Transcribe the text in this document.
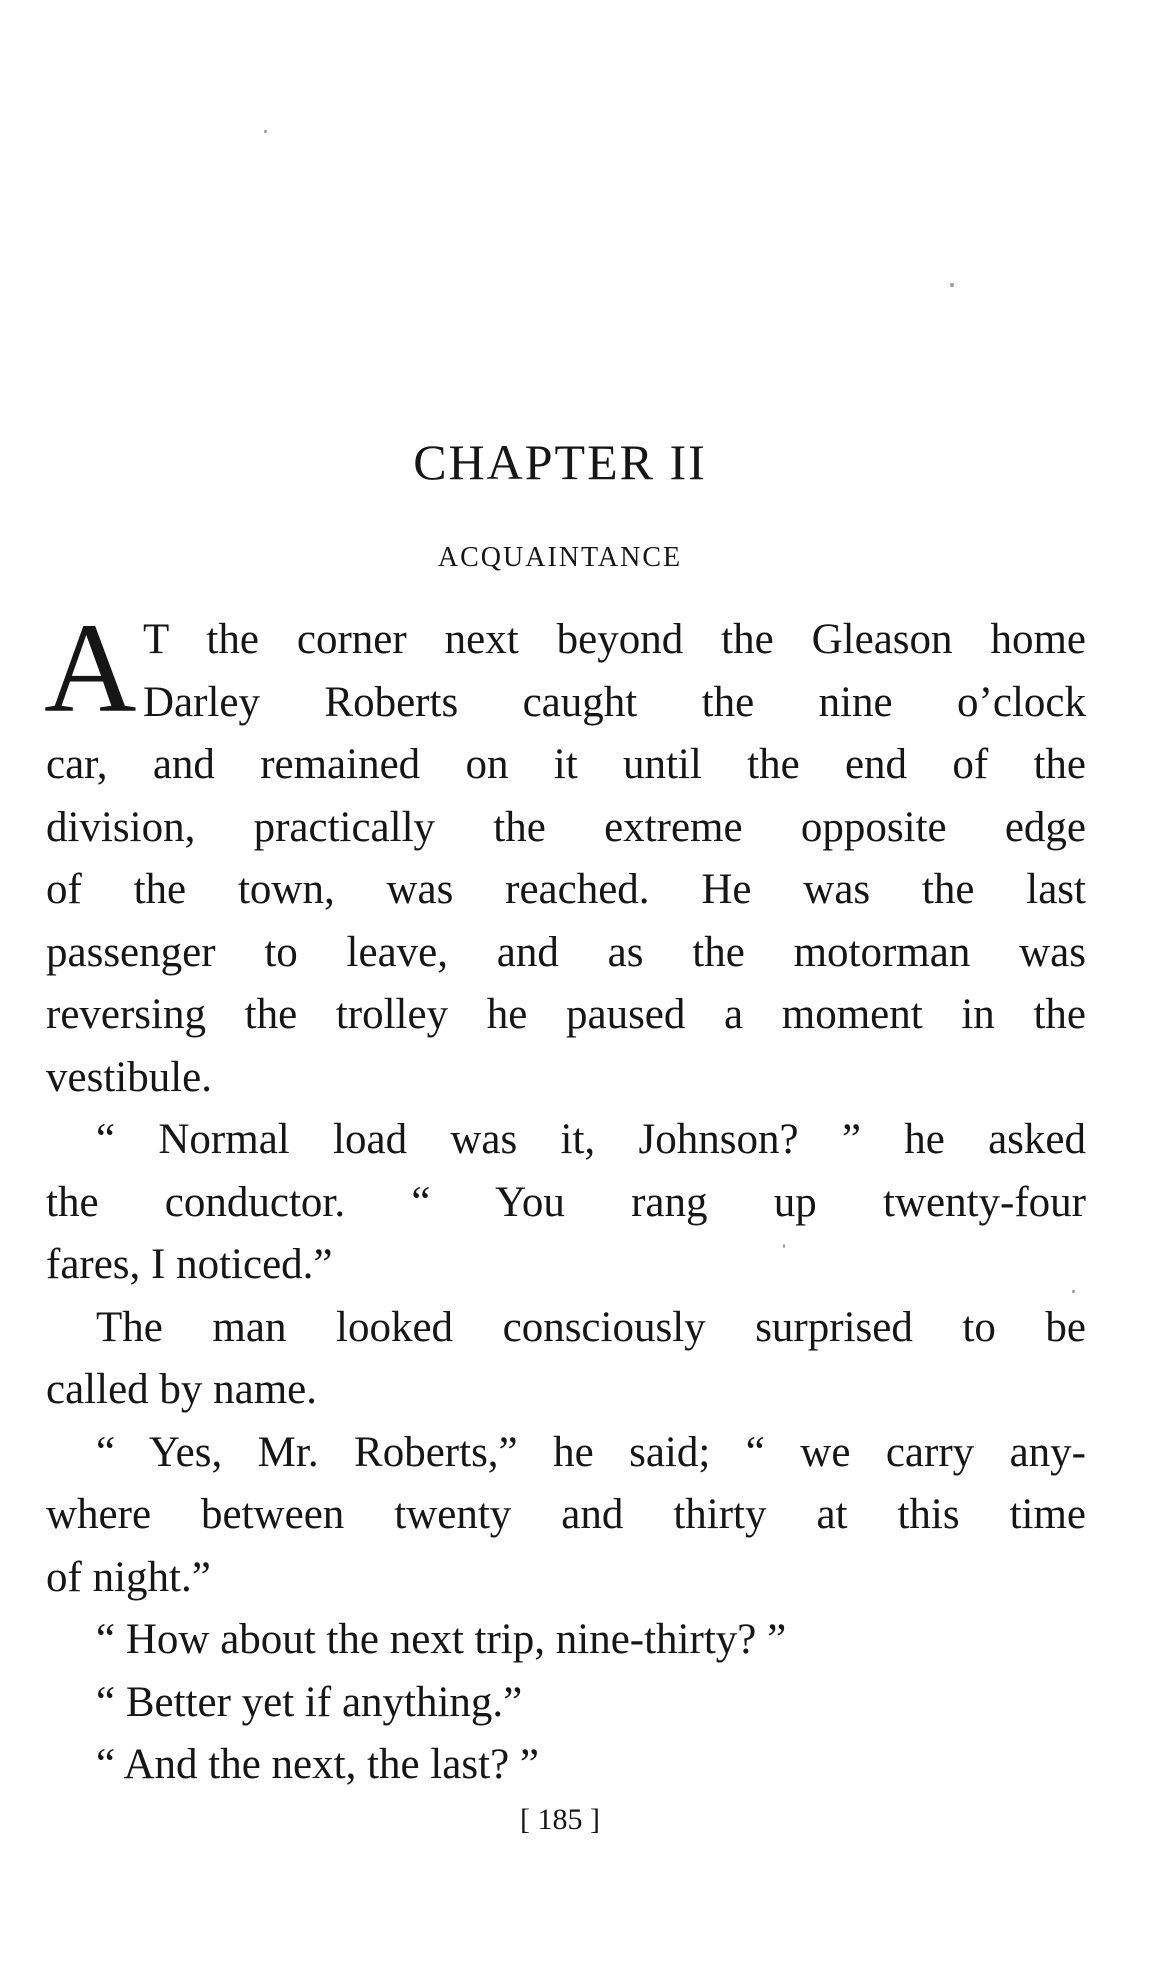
CHAPTER II
ACQUAINTANCE
A T the corner next beyond the Gleason home
Darley Roberts caught the nine o’clock
car, and remained on it until the end of the
division, practically the extreme opposite edge
of the town, was reached. He was the last
passenger to leave, and as the motorman was
reversing the trolley he paused a moment in the
vestibule.
“ Normal load was it, Johnson? ” he asked
the conductor. “ You rang up twenty-four
fares, I noticed.”
The man looked consciously surprised to be
called by name.
“ Yes, Mr. Roberts,” he said; “ we carry any-
where between twenty and thirty at this time
of night.”
“ How about the next trip, nine-thirty? ”
“ Better yet if anything.”
“ And the next, the last? ”
[ 185 ]
